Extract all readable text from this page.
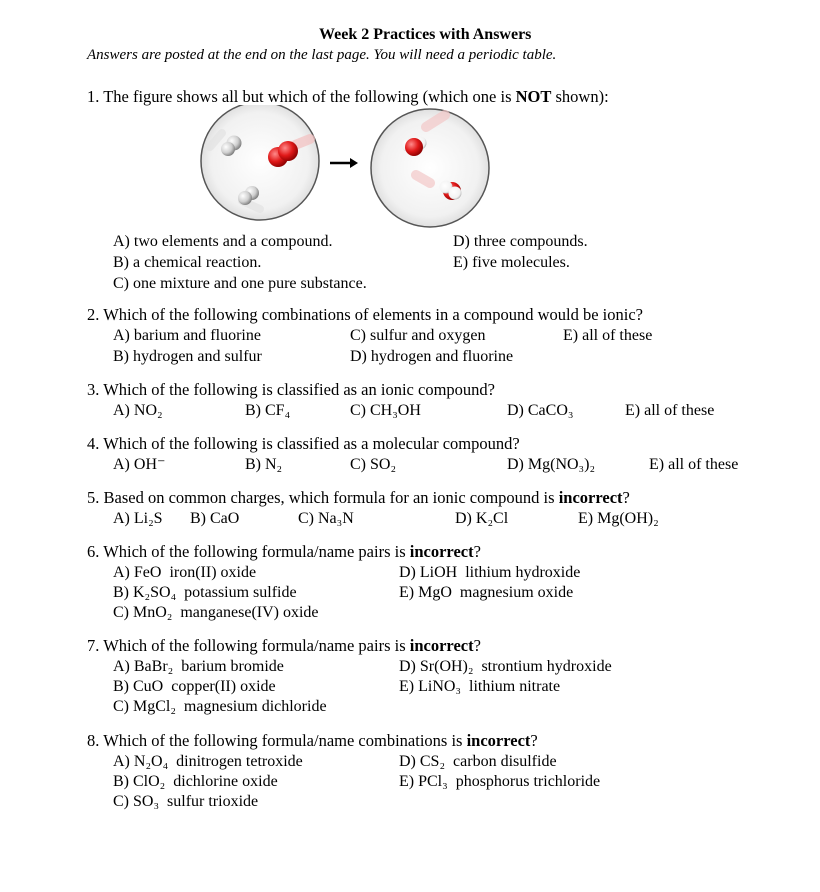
Week 2 Practices with Answers
Answers are posted at the end on the last page. You will need a periodic table.
1. The figure shows all but which of the following (which one is NOT shown):
A) two elements and a compound.
B) a chemical reaction.
C) one mixture and one pure substance.
D) three compounds.
E) five molecules.
2. Which of the following combinations of elements in a compound would be ionic?
A) barium and fluorine
B) hydrogen and sulfur
C) sulfur and oxygen
D) hydrogen and fluorine
E) all of these
3. Which of the following is classified as an ionic compound?
A) NO₂	B) CF₄	C) CH₃OH	D) CaCO₃	E) all of these
4. Which of the following is classified as a molecular compound?
A) OH⁻	B) N₂	C) SO₂	D) Mg(NO₃)₂	E) all of these
5. Based on common charges, which formula for an ionic compound is incorrect?
A) Li₂S B) CaO	C) Na₃N	D) K₂Cl	E) Mg(OH)₂
6. Which of the following formula/name pairs is incorrect?
A) FeO  iron(II) oxide
B) K₂SO₄  potassium sulfide
C) MnO₂  manganese(IV) oxide
D) LiOH  lithium hydroxide
E) MgO  magnesium oxide
7. Which of the following formula/name pairs is incorrect?
A) BaBr₂  barium bromide
B) CuO  copper(II) oxide
C) MgCl₂  magnesium dichloride
D) Sr(OH)₂  strontium hydroxide
E) LiNO₃  lithium nitrate
8. Which of the following formula/name combinations is incorrect?
A) N₂O₄  dinitrogen tetroxide
B) ClO₂  dichlorine oxide
C) SO₃  sulfur trioxide
D) CS₂  carbon disulfide
E) PCl₃  phosphorus trichloride
